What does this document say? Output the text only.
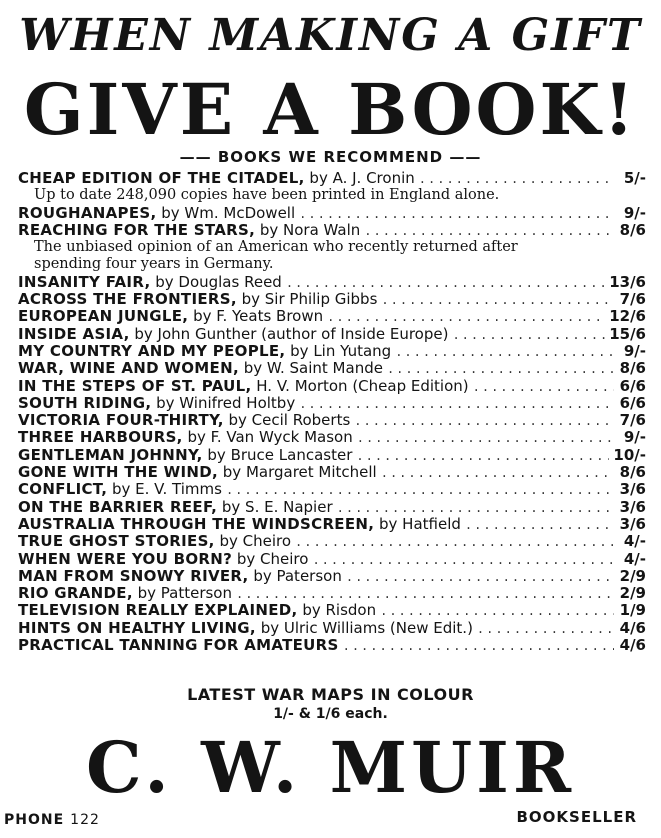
WHEN MAKING A GIFT
GIVE A BOOK!
—— BOOKS WE RECOMMEND ——
CHEAP EDITION OF THE CITADEL, by A. J. Cronin .....	5/-
Up to date 248,090 copies have been printed in England alone.
ROUGHANAPES, by Wm. McDowell .....	9/-
REACHING FOR THE STARS, by Nora Waln .....	8/6
The unbiased opinion of an American who recently returned after
spending four years in Germany.
INSANITY FAIR, by Douglas Reed .....	13/6
ACROSS THE FRONTIERS, by Sir Philip Gibbs .....	7/6
EUROPEAN JUNGLE, by F. Yeats Brown .....	12/6
INSIDE ASIA, by John Gunther (author of Inside Europe) .....	15/6
MY COUNTRY AND MY PEOPLE, by Lin Yutang .....	9/-
WAR, WINE AND WOMEN, by W. Saint Mande .....	8/6
IN THE STEPS OF ST. PAUL, H. V. Morton (Cheap Edition) .....	6/6
SOUTH RIDING, by Winifred Holtby .....	6/6
VICTORIA FOUR-THIRTY, by Cecil Roberts .....	7/6
THREE HARBOURS, by F. Van Wyck Mason .....	9/-
GENTLEMAN JOHNNY, by Bruce Lancaster .....	10/-
GONE WITH THE WIND, by Margaret Mitchell .....	8/6
CONFLICT, by E. V. Timms .....	3/6
ON THE BARRIER REEF, by S. E. Napier .....	3/6
AUSTRALIA THROUGH THE WINDSCREEN, by Hatfield .....	3/6
TRUE GHOST STORIES, by Cheiro .....	4/-
WHEN WERE YOU BORN? by Cheiro .....	4/-
MAN FROM SNOWY RIVER, by Paterson .....	2/9
RIO GRANDE, by Patterson .....	2/9
TELEVISION REALLY EXPLAINED, by Risdon .....	1/9
HINTS ON HEALTHY LIVING, by Ulric Williams (New Edit.) .....	4/6
PRACTICAL TANNING FOR AMATEURS .....	4/6
LATEST WAR MAPS IN COLOUR
1/- & 1/6 each.
C. W. MUIR
PHONE 122	BOOKSELLER
